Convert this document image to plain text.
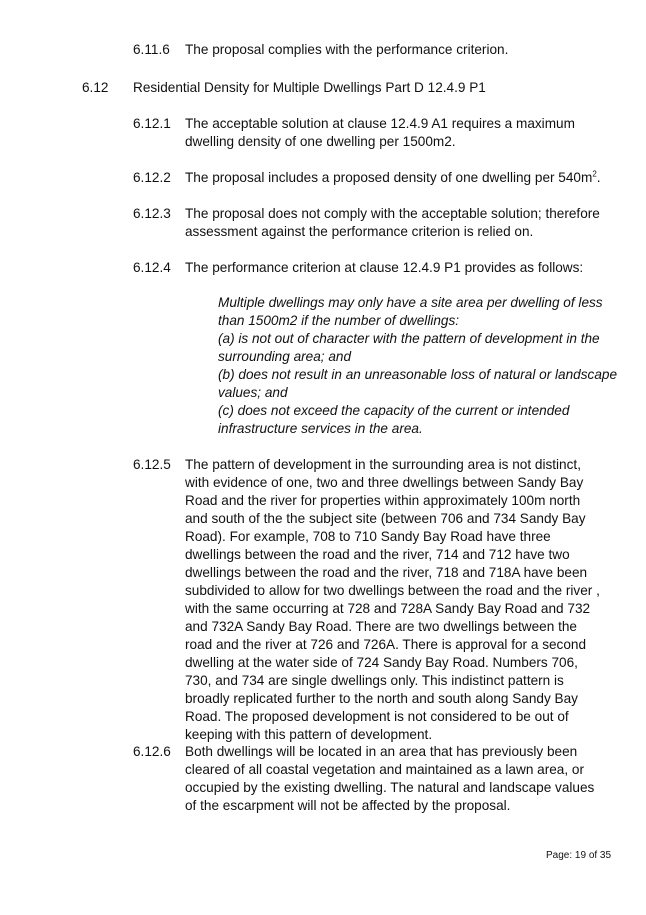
6.11.6 The proposal complies with the performance criterion.
6.12 Residential Density for Multiple Dwellings Part D 12.4.9 P1
6.12.1 The acceptable solution at clause 12.4.9 A1 requires a maximum dwelling density of one dwelling per 1500m2.
6.12.2 The proposal includes a proposed density of one dwelling per $540m^2$.
6.12.3 The proposal does not comply with the acceptable solution; therefore assessment against the performance criterion is relied on.
6.12.4 The performance criterion at clause 12.4.9 P1 provides as follows:

Multiple dwellings may only have a site area per dwelling of less than 1500m2 if the number of dwellings:

(a) is not out of character with the pattern of development in the surrounding area; and

(b) does not result in an unreasonable loss of natural or landscape values; and

(c) does not exceed the capacity of the current or intended infrastructure services in the area.

6.12.5 The pattern of development in the surrounding area is not distinct, with evidence of one, two and three dwellings between Sandy Bay Road and the river for properties within approximately 100m north and south of the the subject site (between 706 and 734 Sandy Bay Road). For example, 708 to 710 Sandy Bay Road have three dwellings between the road and the river, 714 and 712 have two dwellings between the road and the river, 718 and 718A have been subdivided to allow for two dwellings between the road and the river , with the same occurring at 728 and 728A Sandy Bay Road and 732 and 732A Sandy Bay Road. There are two dwellings between the road and the river at 726 and 726A. There is approval for a second dwelling at the water side of 724 Sandy Bay Road. Numbers 706, 730, and 734 are single dwellings only. This indistinct pattern is broadly replicated further to the north and south along Sandy Bay Road. The proposed development is not considered to be out of keeping with this pattern of development.
6.12.6 Both dwellings will be located in an area that has previously been cleared of all coastal vegetation and maintained as a lawn area, or occupied by the existing dwelling. The natural and landscape values of the escarpment will not be affected by the proposal.
Page: 19 of 35
